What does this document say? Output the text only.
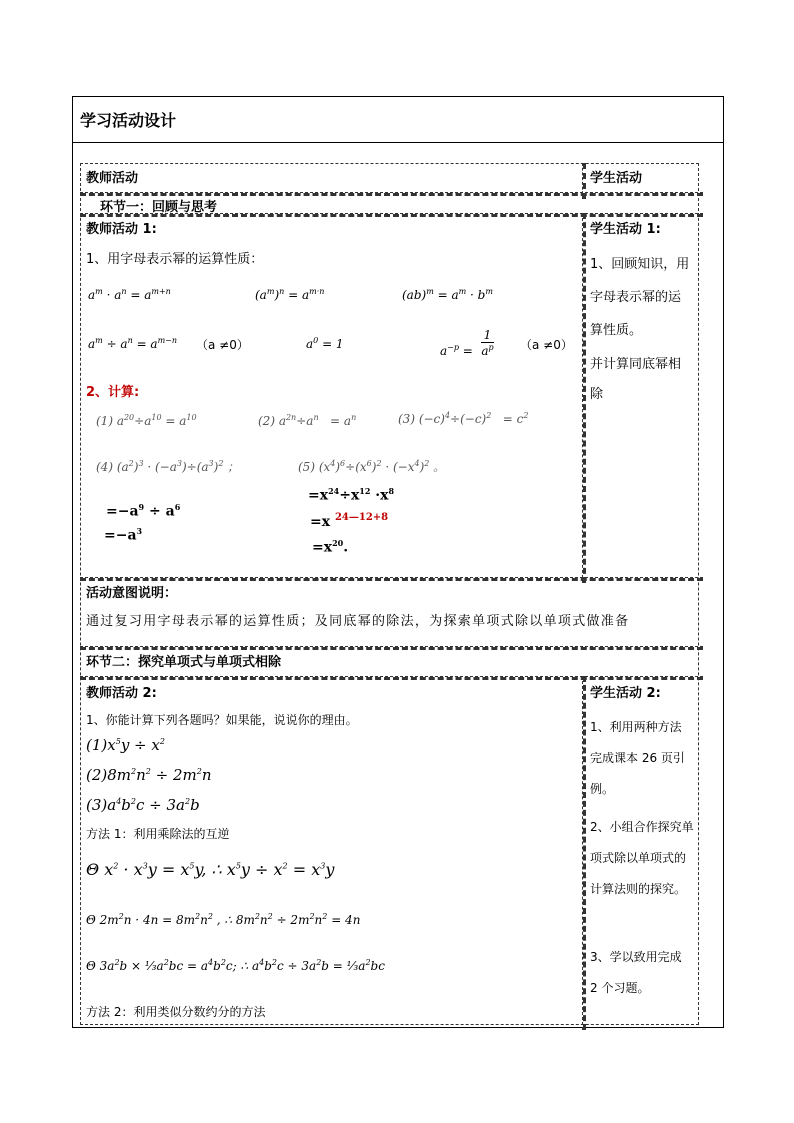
学习活动设计
教师活动	学生活动
环节一：回顾与思考
教师活动 1:
1、用字母表示幂的运算性质：
$a^m \cdot a^n = a^{m+n}$	$(a^m)^n = a^{m\cdot n}$	$(ab)^m = a^m \cdot b^m$
$a^m \div a^n = a^{m-n}$ （a ≠0）	$a^0 = 1$	$a^{-p} = \frac{1}{a^p} (a \ne 0)$
2、计算:
(1) $a^{20}\div a^{10} = a^{10}$	(2) $a^{2n}\div a^n = a^n$	(3) $(-c)^4\div(-c)^2 = c^2$
(4) $(a^2)^3 \cdot (-a^3)\div(a^3)^2$ ；	(5) $(x^4)^6\div(x^6)^2 \cdot (-x^4)^2$ 。
$=-a^9 \div a^6$
$=-a^3$
$=x^{24}\div x^{12} \cdot x^8$
=x $^{24—12+8}$
$=x^{20}$.
学生活动 1:
1、回顾知识，用字母表示幂的运算性质。
并计算同底幂相除
活动意图说明：
通过复习用字母表示幂的运算性质；及同底幂的除法，为探索单项式除以单项式做准备
环节二：探究单项式与单项式相除
教师活动 2:
1、你能计算下列各题吗？如果能，说说你的理由。
$(1)x^5y \div x^2$
$(2)8m^2n^2 \div 2m^2n$
$(3)a^4b^2c \div 3a^2b$
方法 1：利用乘除法的互逆
Θ $x^2 \cdot x^3y = x^5y$, ∴ $x^5y \div x^2 = x^3y$
Θ $2m^2n \cdot 4n = 8m^2n^2$ , ∴ $8m^2n^2 \div 2m^2n^2 = 4n$
Θ $3a^2b$ × $\frac{1}{3}a^2bc = a^4b^2c$; ∴ $a^4b^2c \div 3a^2b$ = $\frac{1}{3}a^2bc$
方法 2：利用类似分数约分的方法
学生活动 2:
1、利用两种方法完成课本 26 页引例。
2、小组合作探究单项式除以单项式的计算法则的探究。
3、学以致用完成 2 个习题。
